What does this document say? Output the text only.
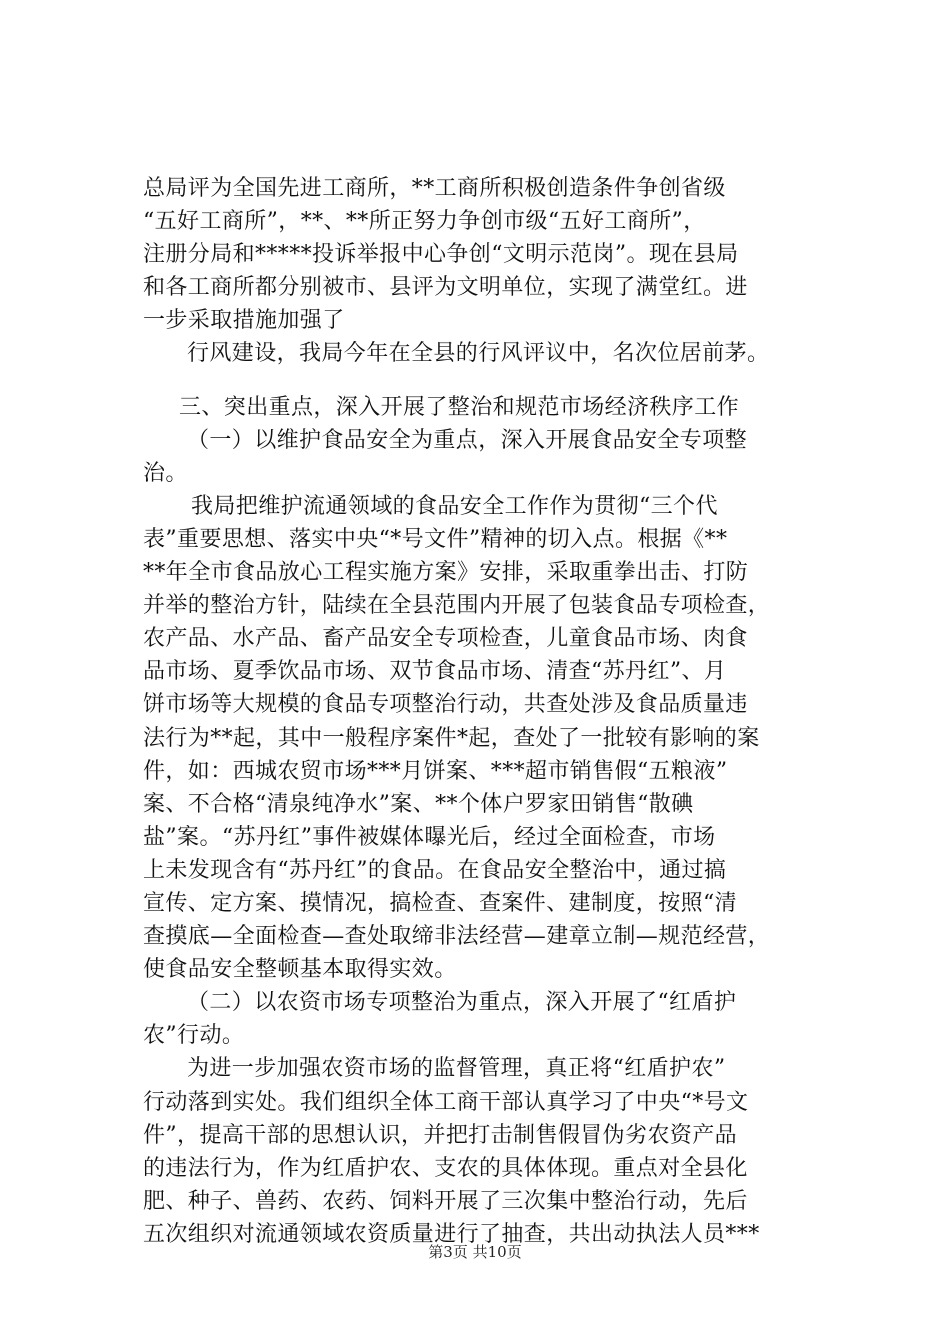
总局评为全国先进工商所，**工商所积极创造条件争创省级
“五好工商所”，**、**所正努力争创市级“五好工商所”，
注册分局和*****投诉举报中心争创“文明示范岗”。现在县局
和各工商所都分别被市、县评为文明单位，实现了满堂红。进
一步采取措施加强了
行风建设，我局今年在全县的行风评议中，名次位居前茅。
三、突出重点，深入开展了整治和规范市场经济秩序工作
（一）以维护食品安全为重点，深入开展食品安全专项整
治。
我局把维护流通领域的食品安全工作作为贯彻“三个代
表”重要思想、落实中央“*号文件”精神的切入点。根据《**
**年全市食品放心工程实施方案》安排，采取重拳出击、打防
并举的整治方针，陆续在全县范围内开展了包装食品专项检查，
农产品、水产品、畜产品安全专项检查，儿童食品市场、肉食
品市场、夏季饮品市场、双节食品市场、清查“苏丹红”、月
饼市场等大规模的食品专项整治行动，共查处涉及食品质量违
法行为**起，其中一般程序案件*起，查处了一批较有影响的案
件，如：西城农贸市场***月饼案、***超市销售假“五粮液”
案、不合格“清泉纯净水”案、**个体户罗家田销售“散碘
盐”案。“苏丹红”事件被媒体曝光后，经过全面检查，市场
上未发现含有“苏丹红”的食品。在食品安全整治中，通过搞
宣传、定方案、摸情况，搞检查、查案件、建制度，按照“清
查摸底—全面检查—查处取缔非法经营—建章立制—规范经营，
使食品安全整顿基本取得实效。
（二）以农资市场专项整治为重点，深入开展了“红盾护
农”行动。
为进一步加强农资市场的监督管理，真正将“红盾护农”
行动落到实处。我们组织全体工商干部认真学习了中央“*号文
件”，提高干部的思想认识，并把打击制售假冒伪劣农资产品
的违法行为，作为红盾护农、支农的具体体现。重点对全县化
肥、种子、兽药、农药、饲料开展了三次集中整治行动，先后
五次组织对流通领域农资质量进行了抽查，共出动执法人员***
第3页 共10页
